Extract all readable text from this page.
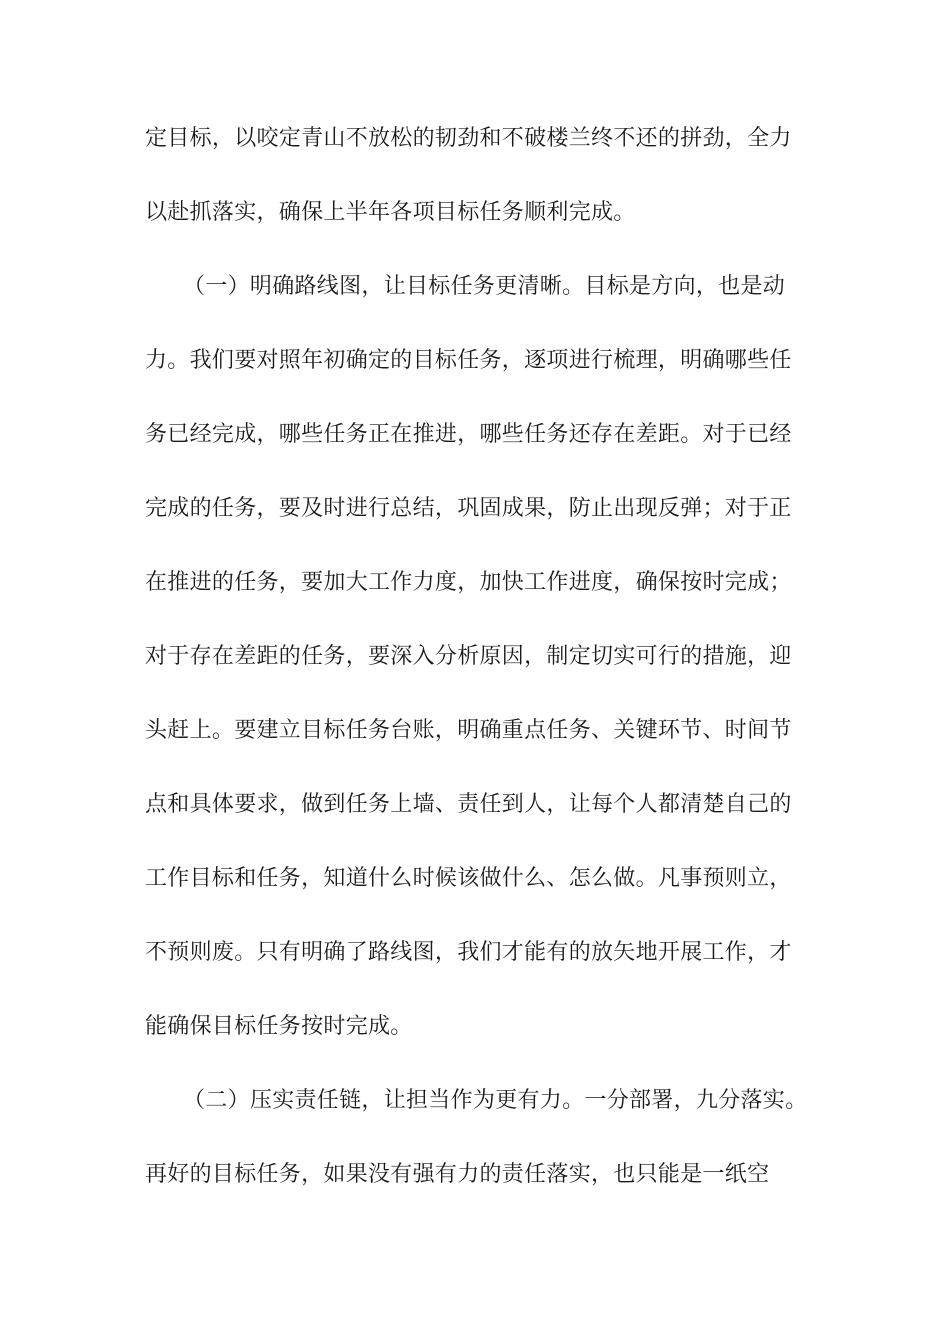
定目标，以咬定青山不放松的韧劲和不破楼兰终不还的拼劲，全力
以赴抓落实，确保上半年各项目标任务顺利完成。
（一）明确路线图，让目标任务更清晰。目标是方向，也是动
力。我们要对照年初确定的目标任务，逐项进行梳理，明确哪些任
务已经完成，哪些任务正在推进，哪些任务还存在差距。对于已经
完成的任务，要及时进行总结，巩固成果，防止出现反弹；对于正
在推进的任务，要加大工作力度，加快工作进度，确保按时完成；
对于存在差距的任务，要深入分析原因，制定切实可行的措施，迎
头赶上。要建立目标任务台账，明确重点任务、关键环节、时间节
点和具体要求，做到任务上墙、责任到人，让每个人都清楚自己的
工作目标和任务，知道什么时候该做什么、怎么做。凡事预则立，
不预则废。只有明确了路线图，我们才能有的放矢地开展工作，才
能确保目标任务按时完成。
（二）压实责任链，让担当作为更有力。一分部署，九分落实。
再好的目标任务，如果没有强有力的责任落实，也只能是一纸空
